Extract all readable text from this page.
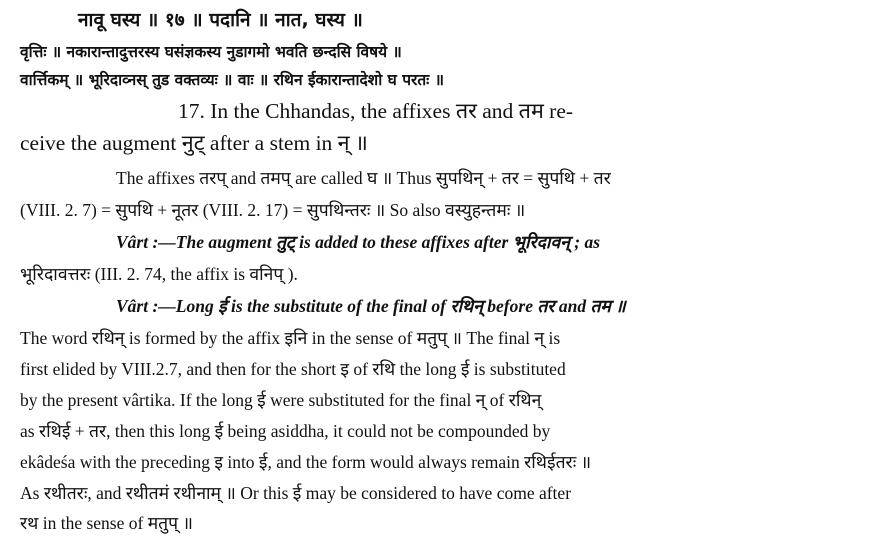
नावू घस्य ॥ १७ ॥ पदानि ॥ नात, घस्य ॥
वृत्तिः ॥ नकारान्तादुत्तरस्य घसंज्ञकस्य नुडागमो भवति छन्दसि विषये ॥
वार्त्तिकम् ॥ भूरिदाव्नस् तुड वक्तव्यः ॥ वाः ॥ रथिन ईकारान्तादेशो घ परतः ॥
17. In the Chhandas, the affixes तर and तम re-
ceive the augment नुट् after a stem in न् ॥
The affixes तरप् and तमप् are called घ ॥ Thus सुपथिन् + तर = सुपथि + तर
(VIII. 2. 7) = सुपथि + नूतर (VIII. 2. 17) = सुपथिन्तरः ॥ So also वस्युहन्तमः ॥
Vârt :—The augment तुट् is added to these affixes after भूरिदावन् ; as
भूरिदावत्तरः (III. 2. 74, the affix is वनिप् ).
Vârt :—Long ई is the substitute of the final of रथिन् before तर and तम ॥
The word रथिन् is formed by the affix इनि in the sense of मतुप् ॥ The final न् is
first elided by VIII.2.7, and then for the short इ of रथि the long ई is substituted
by the present vârtika. If the long ई were substituted for the final न् of रथिन्
as रथिई + तर, then this long ई being asiddha, it could not be compounded by
ekâdeśa with the preceding इ into ई, and the form would always remain रथिईतरः ॥
As रथीतरः, and रथीतमं रथीनाम् ॥ Or this ई may be considered to have come after
रथ in the sense of मतुप् ॥
